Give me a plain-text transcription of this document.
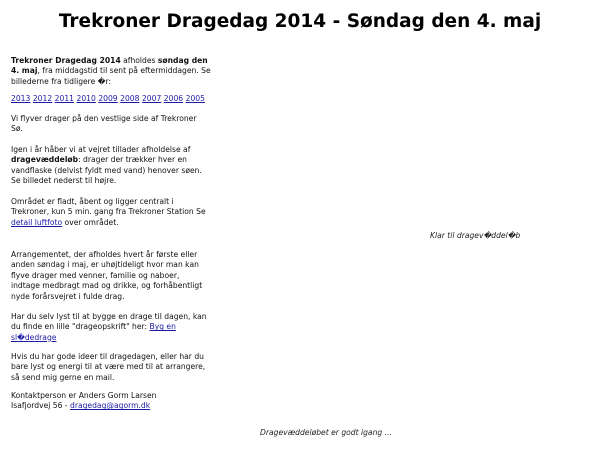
Trekroner Dragedag 2014 - Søndag den 4. maj

Trekroner Dragedag 2014 afholdes søndag den 4. maj, fra middagstid til sent på eftermiddagen. Se billederne fra tidligere �r:

2013 2012 2011 2010 2009 2008 2007 2006 2005

Vi flyver drager på den vestlige side af Trekroner Sø.

Igen i år håber vi at vejret tillader afholdelse af dragevæddeløb: drager der trækker hver en vandflaske (delvist fyldt med vand) henover søen. Se billedet nederst til højre.

Området er fladt, åbent og ligger centralt i Trekroner, kun 5 min. gang fra Trekroner Station Se detail luftfoto over området.

Klar til dragev�ddel�b

Arrangementet, der afholdes hvert år første eller anden søndag i maj, er uhøjtideligt hvor man kan flyve drager med venner, familie og naboer, indtage medbragt mad og drikke, og forhåbentligt nyde forårsvejret i fulde drag.

Har du selv lyst til at bygge en drage til dagen, kan du finde en lille "drageopskrift" her: Byg en sl�dedrage

Hvis du har gode ideer til dragedagen, eller har du bare lyst og energi til at være med til at arrangere, så send mig gerne en mail.

Kontaktperson er Anders Gorm Larsen

Isafjordvej 56 - dragedag@agorm.dk

Dragevæddeløbet er godt igang ...
